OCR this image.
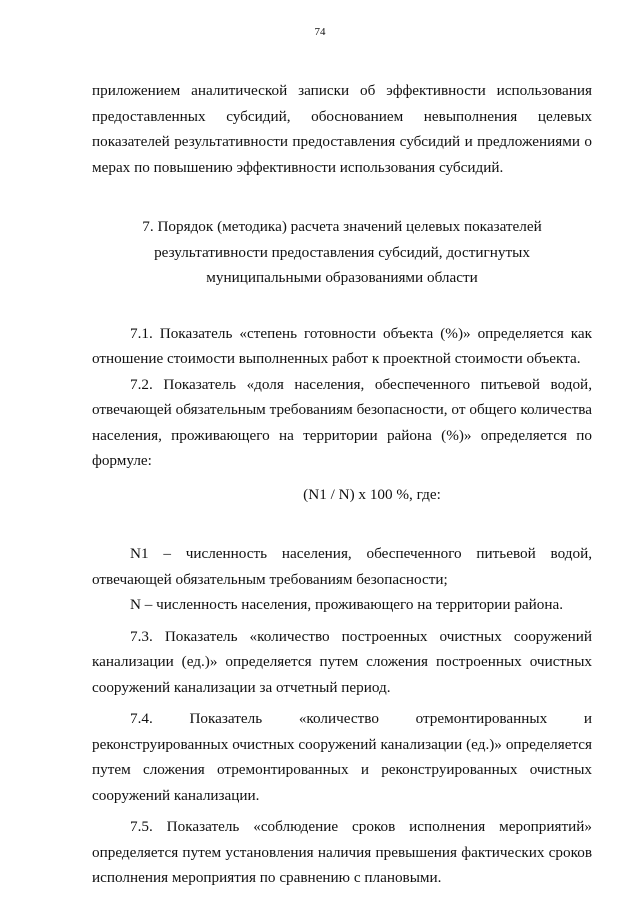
74

приложением аналитической записки об эффективности использования предоставленных субсидий, обоснованием невыполнения целевых показателей результативности предоставления субсидий и предложениями о мерах по повышению эффективности использования субсидий.

7. Порядок (методика) расчета значений целевых показателей
результативности предоставления субсидий, достигнутых
муниципальными образованиями области

7.1. Показатель «степень готовности объекта (%)» определяется как отношение стоимости выполненных работ к проектной стоимости объекта.

7.2. Показатель «доля населения, обеспеченного питьевой водой, отвечающей обязательным требованиям безопасности, от общего количества населения, проживающего на территории района (%)» определяется по формуле:

(N1 / N) x 100 %, где:

N1 – численность населения, обеспеченного питьевой водой, отвечающей обязательным требованиям безопасности;

N – численность населения, проживающего на территории района.

7.3. Показатель «количество построенных очистных сооружений канализации (ед.)» определяется путем сложения построенных очистных сооружений канализации за отчетный период.

7.4. Показатель «количество отремонтированных и реконструированных очистных сооружений канализации (ед.)» определяется путем сложения отремонтированных и реконструированных очистных сооружений канализации.

7.5. Показатель «соблюдение сроков исполнения мероприятий» определяется путем установления наличия превышения фактических сроков исполнения мероприятия по сравнению с плановыми.
